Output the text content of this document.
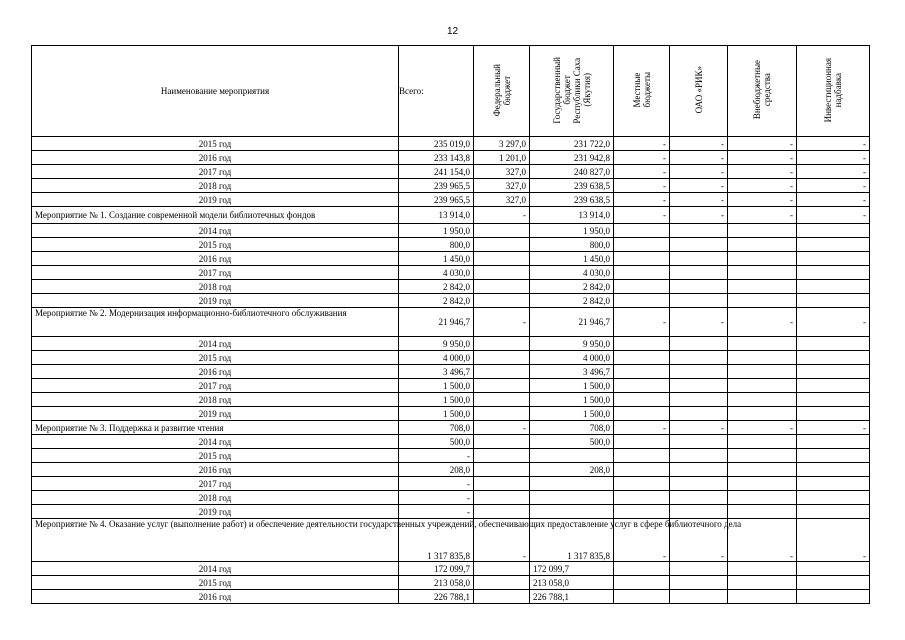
12
Наименование мероприятия	Всего:	Федеральный
бюджет	Государственный
бюджет
Республики Саха
(Якутия)	Местные
бюджеты	ОАО «РИК»	Внебюджетные
средства	Инвестиционная
надбавка
2015 год	235 019,0	3 297,0	231 722,0	-	-	-	-
2016 год	233 143,8	1 201,0	231 942,8	-	-	-	-
2017 год	241 154,0	327,0	240 827,0	-	-	-	-
2018 год	239 965,5	327,0	239 638,5	-	-	-	-
2019 год	239 965,5	327,0	239 638,5	-	-	-	-
Мероприятие № 1. Создание современной модели библиотечных фондов	13 914,0	-	13 914,0	-	-	-	-
2014 год	1 950,0		1 950,0				
2015 год	800,0		800,0				
2016 год	1 450,0		1 450,0				
2017 год	4 030,0		4 030,0				
2018 год	2 842,0		2 842,0				
2019 год	2 842,0		2 842,0				
Мероприятие № 2. Модернизация информационно-библиотечного обслуживания	21 946,7	-	21 946,7	-	-	-	-
2014 год	9 950,0		9 950,0				
2015 год	4 000,0		4 000,0				
2016 год	3 496,7		3 496,7				
2017 год	1 500,0		1 500,0				
2018 год	1 500,0		1 500,0				
2019 год	1 500,0		1 500,0				
Мероприятие № 3. Поддержка и развитие чтения	708,0	-	708,0	-	-	-	-
2014 год	500,0		500,0				
2015 год	-						
2016 год	208,0		208,0				
2017 год	-						
2018 год	-						
2019 год	-						
Мероприятие № 4. Оказание услуг (выполнение работ) и обеспечение деятельности государственных учреждений, обеспечивающих предоставление услуг в сфере библиотечного дела	1 317 835,8	-	1 317 835,8	-	-	-	-
2014 год	172 099,7		172 099,7				
2015 год	213 058,0		213 058,0				
2016 год	226 788,1		226 788,1				
